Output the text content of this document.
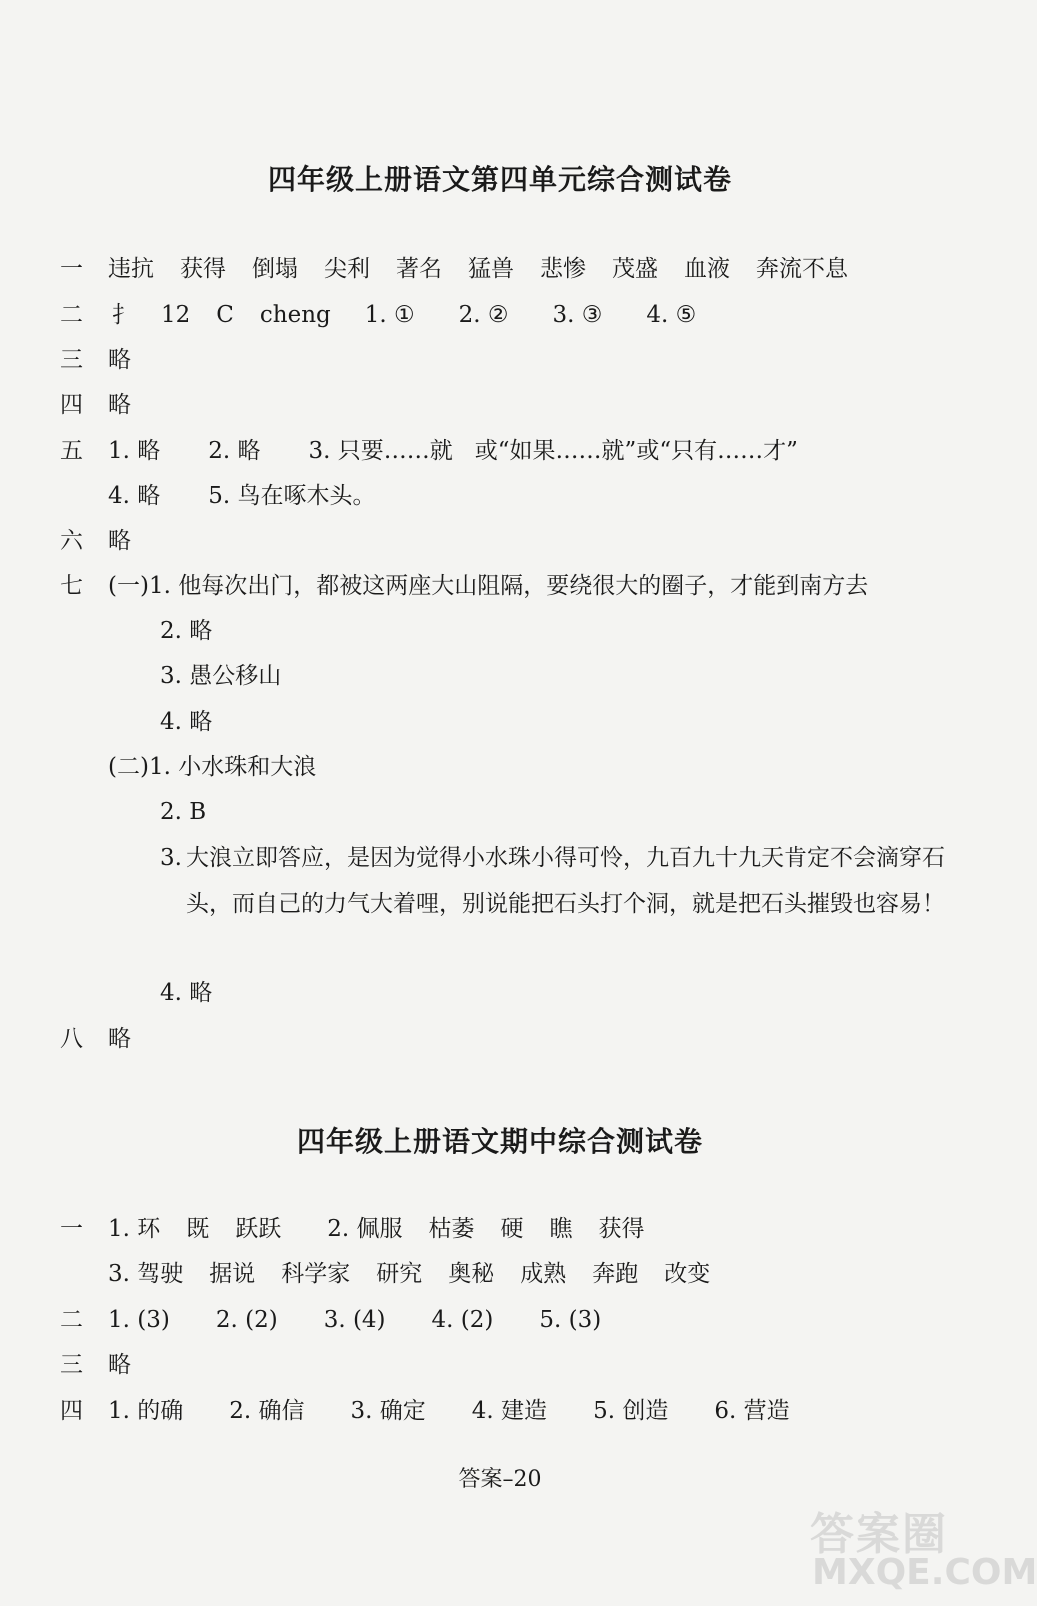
四年级上册语文第四单元综合测试卷
一 违抗 获得 倒塌 尖利 著名 猛兽 悲惨 茂盛 血液 奔流不息
二 扌 12 C cheng 1. ① 2. ② 3. ③ 4. ⑤
三 略
四 略
五 1. 略 2. 略 3. 只要……就 或“如果……就”或“只有……才”
4. 略 5. 鸟在啄木头。
六 略
七 (一)1. 他每次出门，都被这两座大山阻隔，要绕很大的圈子，才能到南方去
2. 略
3. 愚公移山
4. 略
(二)1. 小水珠和大浪
2. B
3. 大浪立即答应，是因为觉得小水珠小得可怜，九百九十九天肯定不会滴穿石头，而自己的力气大着哩，别说能把石头打个洞，就是把石头摧毁也容易！
4. 略
八 略
四年级上册语文期中综合测试卷
一 1. 环 既 跃跃 2. 佩服 枯萎 硬 瞧 获得
3. 驾驶 据说 科学家 研究 奥秘 成熟 奔跑 改变
二 1. (3) 2. (2) 3. (4) 4. (2) 5. (3)
三 略
四 1. 的确 2. 确信 3. 确定 4. 建造 5. 创造 6. 营造
答案–20
答案圈
MXQE.COM
